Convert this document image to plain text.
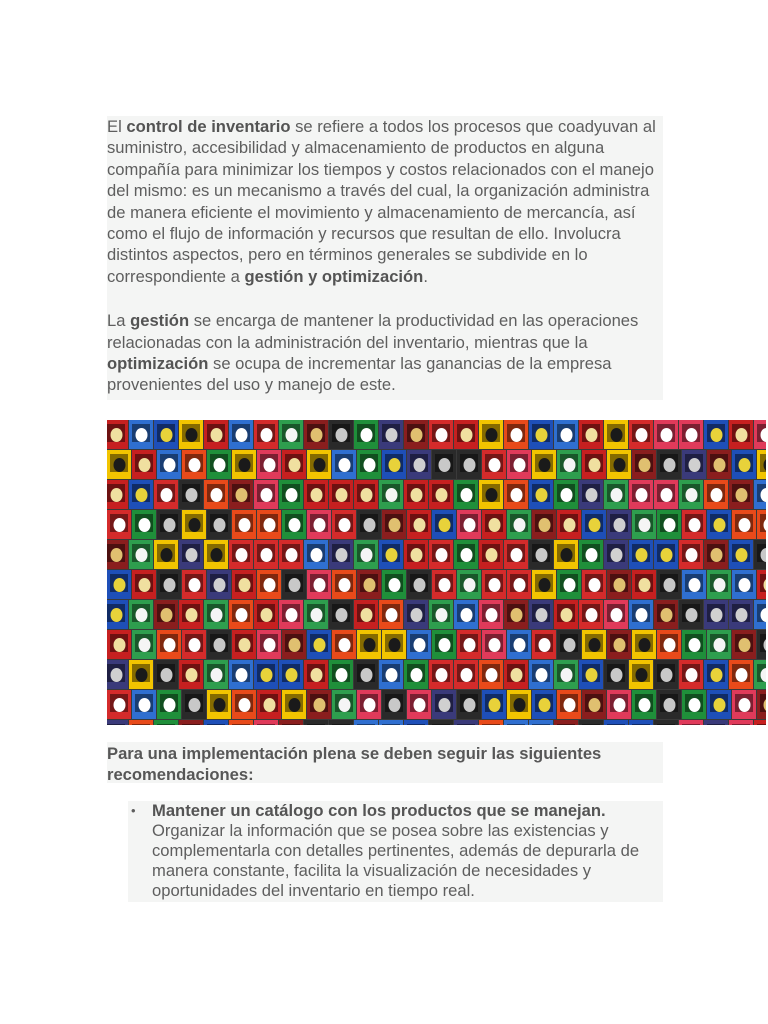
El control de inventario se refiere a todos los procesos que coadyuvan al suministro, accesibilidad y almacenamiento de productos en alguna compañía para minimizar los tiempos y costos relacionados con el manejo del mismo: es un mecanismo a través del cual, la organización administra de manera eficiente el movimiento y almacenamiento de mercancía, así como el flujo de información y recursos que resultan de ello. Involucra distintos aspectos, pero en términos generales se subdivide en lo correspondiente a gestión y optimización.

La gestión se encarga de mantener la productividad en las operaciones relacionadas con la administración del inventario, mientras que la optimización se ocupa de incrementar las ganancias de la empresa provenientes del uso y manejo de este.

Para una implementación plena se deben seguir las siguientes recomendaciones:

• Mantener un catálogo con los productos que se manejan. Organizar la información que se posea sobre las existencias y complementarla con detalles pertinentes, además de depurarla de manera constante, facilita la visualización de necesidades y oportunidades del inventario en tiempo real.
